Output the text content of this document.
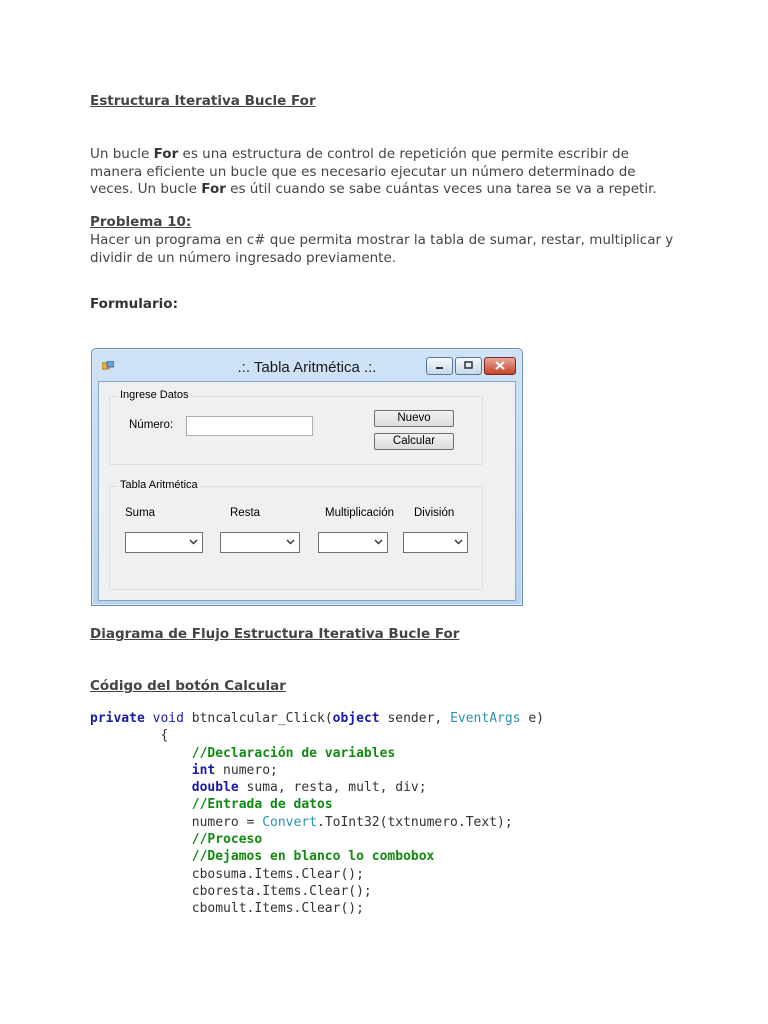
Estructura Iterativa Bucle For

Un bucle For es una estructura de control de repetición que permite escribir de manera eficiente un bucle que es necesario ejecutar un número determinado de veces. Un bucle For es útil cuando se sabe cuántas veces una tarea se va a repetir.

Problema 10:

Hacer un programa en c# que permita mostrar la tabla de sumar, restar, multiplicar y dividir de un número ingresado previamente.

Formulario:
.:. Tabla Aritmética .:.
Ingrese Datos
Número:
Nuevo
Calcular
Tabla Aritmética
Suma	Resta	Multiplicación División
Diagrama de Flujo Estructura Iterativa Bucle For
Código del botón Calcular
private void btncalcular_Click(object sender, EventArgs e)
{
//Declaración de variables
int numero;
double suma, resta, mult, div;
//Entrada de datos
numero = Convert.ToInt32(txtnumero.Text);
//Proceso
//Dejamos en blanco lo combobox
cbosuma.Items.Clear();
cboresta.Items.Clear();
cbomult.Items.Clear();
